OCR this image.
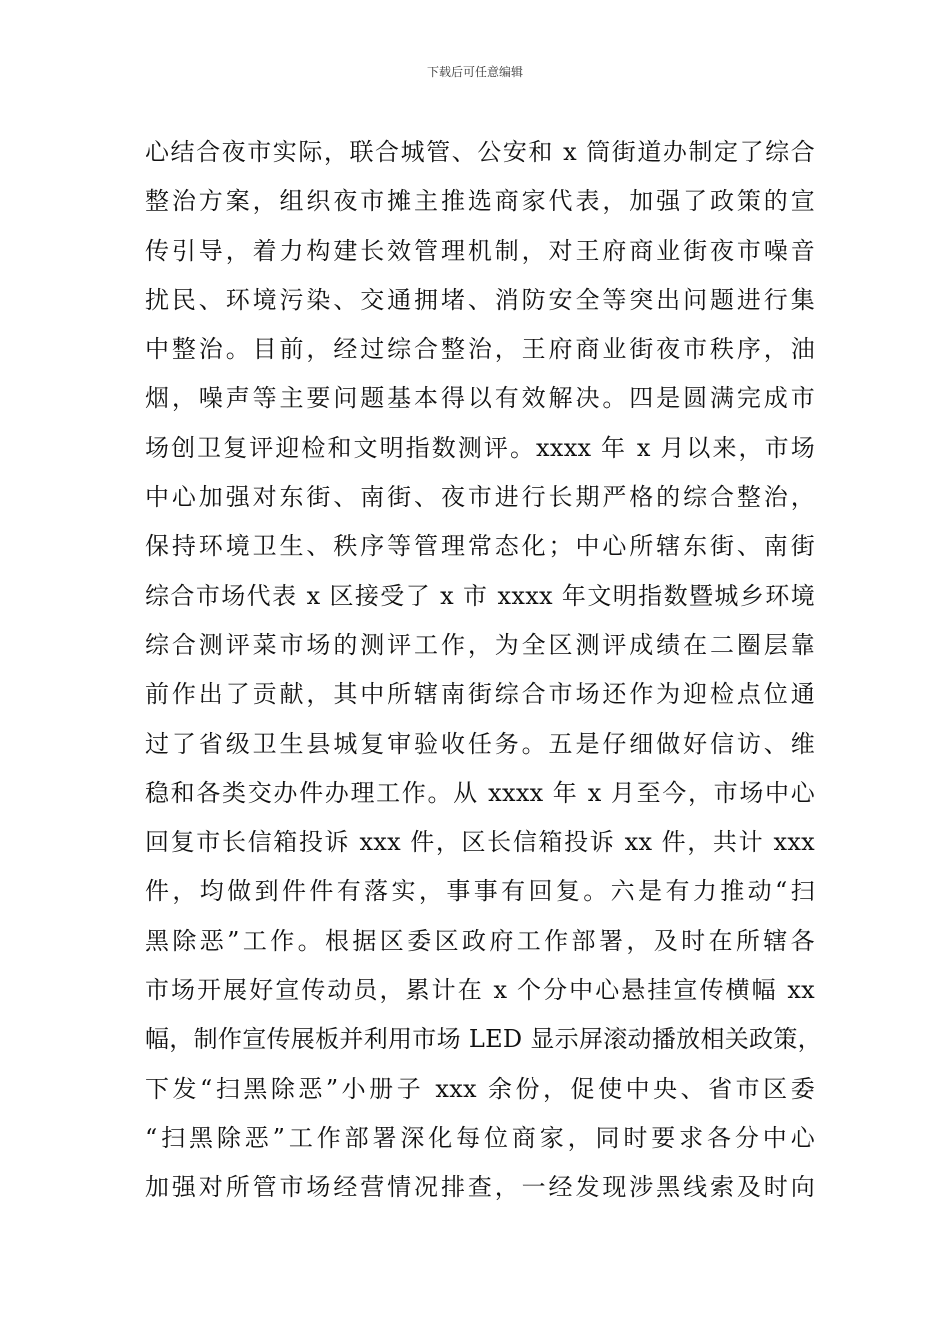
下载后可任意编辑
心结合夜市实际，联合城管、公安和 x 筒街道办制定了综合
整治方案，组织夜市摊主推选商家代表，加强了政策的宣
传引导，着力构建长效管理机制，对王府商业街夜市噪音
扰民、环境污染、交通拥堵、消防安全等突出问题进行集
中整治。目前，经过综合整治，王府商业街夜市秩序，油
烟，噪声等主要问题基本得以有效解决。四是圆满完成市
场创卫复评迎检和文明指数测评。xxxx 年 x 月以来，市场
中心加强对东街、南街、夜市进行长期严格的综合整治，
保持环境卫生、秩序等管理常态化；中心所辖东街、南街
综合市场代表 x 区接受了 x 市 xxxx 年文明指数暨城乡环境
综合测评菜市场的测评工作，为全区测评成绩在二圈层靠
前作出了贡献，其中所辖南街综合市场还作为迎检点位通
过了省级卫生县城复审验收任务。五是仔细做好信访、维
稳和各类交办件办理工作。从 xxxx 年 x 月至今，市场中心
回复市长信箱投诉 xxx 件，区长信箱投诉 xx 件，共计 xxx
件，均做到件件有落实，事事有回复。六是有力推动“扫
黑除恶”工作。根据区委区政府工作部署，及时在所辖各
市场开展好宣传动员，累计在 x 个分中心悬挂宣传横幅 xx
幅，制作宣传展板并利用市场 LED 显示屏滚动播放相关政策，
下发“扫黑除恶”小册子 xxx 余份，促使中央、省市区委
“扫黑除恶”工作部署深化每位商家，同时要求各分中心
加强对所管市场经营情况排查，一经发现涉黑线索及时向
